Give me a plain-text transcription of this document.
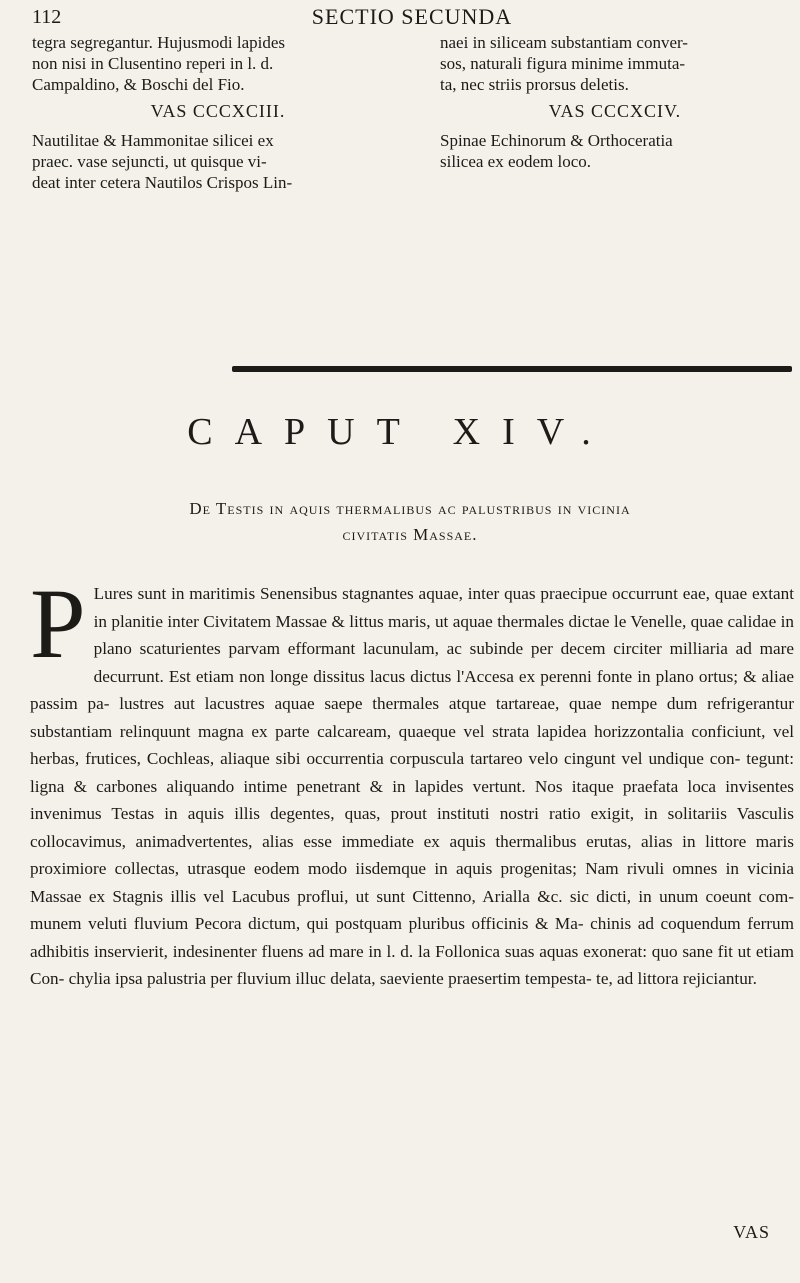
112	SECTIO SECUNDA

tegra segregantur. Hujusmodi lapides
non nisi in Clusentino reperi in l. d.
Campaldino, & Boschi del Fio.

VAS CCCXCIII.

Nautilitae & Hammonitae silicei ex
praec. vase sejuncti, ut quisque vi-
deat inter cetera Nautilos Crispos Lin-

naei in siliceam substantiam conver-
sos, naturali figura minime immuta-
ta, nec striis prorsus deletis.

VAS CCCXCIV.

Spinae Echinorum & Orthoceratia
silicea ex eodem loco.

CAPUT XIV.
De Testis in aquis thermalibus ac palustribus in vicinia
civitatis Massae.
P Lures sunt in maritimis Senensibus stagnantes aquae, inter quas praecipue occurrunt eae, quae extant in planitie inter Civitatem Massae & littus maris, ut aquae thermales dictae le Venelle, quae calidae in plano scaturientes parvam efformant lacunulam, ac subinde per decem circiter milliaria ad mare decurrunt. Est etiam non longe dissitus lacus dictus l'Accesa ex perenni fonte in plano ortus; & aliae passim pa- lustres aut lacustres aquae saepe thermales atque tartareae, quae nempe dum refrigerantur substantiam relinquunt magna ex parte calcaream, quaeque vel strata lapidea horizzontalia conficiunt, vel herbas, frutices, Cochleas, aliaque sibi occurrentia corpuscula tartareo velo cingunt vel undique con- tegunt: ligna & carbones aliquando intime penetrant & in lapides vertunt. Nos itaque praefata loca invisentes invenimus Testas in aquis illis degentes, quas, prout instituti nostri ratio exigit, in solitariis Vasculis collocavimus, animadvertentes, alias esse immediate ex aquis thermalibus erutas, alias in littore maris proximiore collectas, utrasque eodem modo iisdemque in aquis progenitas; Nam rivuli omnes in vicinia Massae ex Stagnis illis vel Lacubus proflui, ut sunt Cittenno, Arialla &c. sic dicti, in unum coeunt com- munem veluti fluvium Pecora dictum, qui postquam pluribus officinis & Ma- chinis ad coquendum ferrum adhibitis inservierit, indesinenter fluens ad mare in l. d. la Follonica suas aquas exonerat: quo sane fit ut etiam Con- chylia ipsa palustria per fluvium illuc delata, saeviente praesertim tempesta- te, ad littora rejiciantur.
VAS
